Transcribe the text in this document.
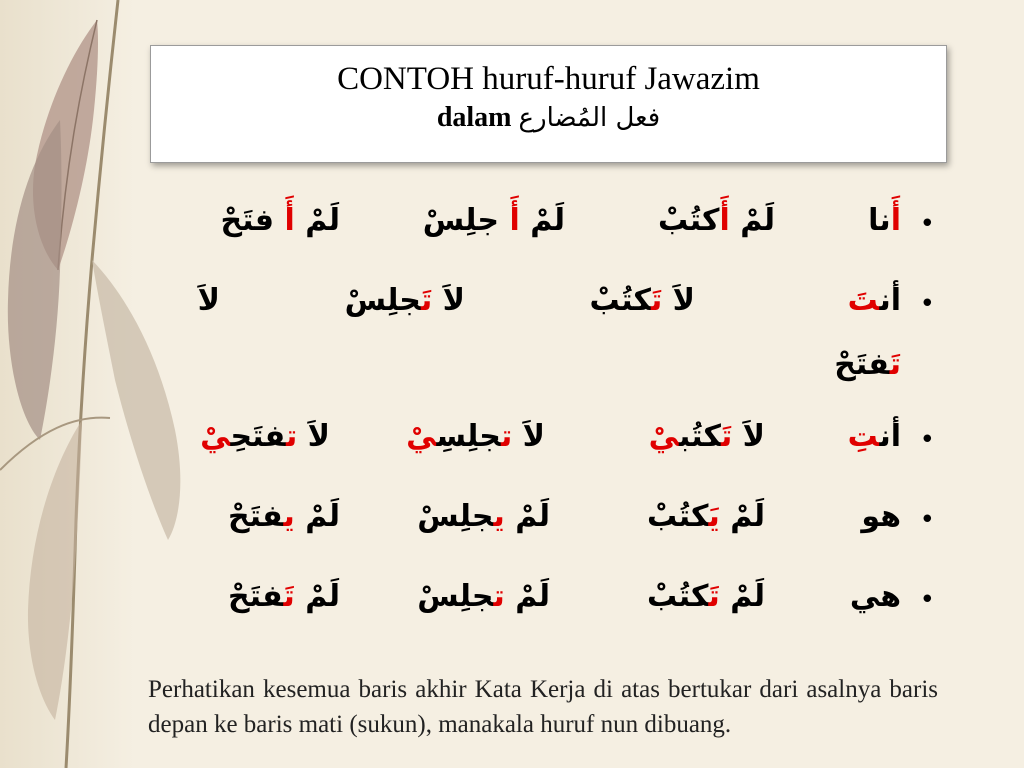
CONTOH huruf-huruf Jawazim
dalam فعل المُضارع
•
أَنا
لَمْ أَكتُبْ
لَمْ أَ جلِسْ
لَمْ أَ فتَحْ
•
أنتَ
لاَ تَكتُبْ
لاَ تَجلِسْ
لاَ
تَفتَحْ
•
أنتِ
لاَ تَكتُبيْ
لاَ تجلِسِيْ
لاَ تفتَحِيْ
•
هو
لَمْ يَكتُبْ
لَمْ يجلِسْ
لَمْ يفتَحْ
•
هي
لَمْ تَكتُبْ
لَمْ تجلِسْ
لَمْ تَفتَحْ
Perhatikan kesemua baris akhir Kata Kerja di atas bertukar dari asalnya baris depan ke baris mati (sukun), manakala huruf nun dibuang.
